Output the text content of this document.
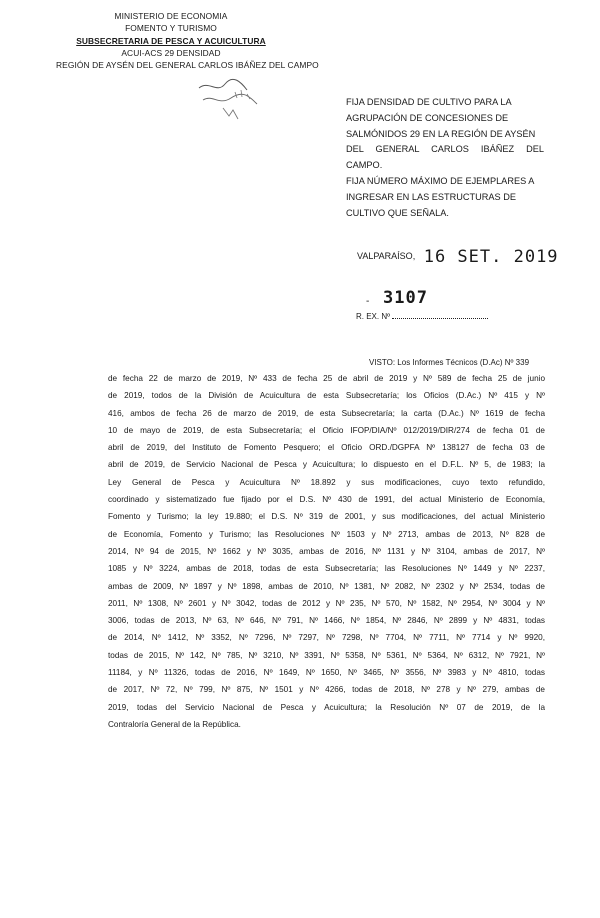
MINISTERIO DE ECONOMIA
FOMENTO Y TURISMO
SUBSECRETARIA DE PESCA Y ACUICULTURA
ACUI-ACS 29 DENSIDAD
REGIÓN DE AYSÉN DEL GENERAL CARLOS IBÁÑEZ DEL CAMPO
FIJA DENSIDAD DE CULTIVO PARA LA
AGRUPACIÓN DE CONCESIONES DE
SALMÓNIDOS 29 EN LA REGIÓN DE AYSÉN
DEL GENERAL CARLOS IBÁÑEZ DEL CAMPO.
FIJA NÚMERO MÁXIMO DE EJEMPLARES A
INGRESAR EN LAS ESTRUCTURAS DE
CULTIVO QUE SEÑALA.
VALPARAÍSO, 16 SET. 2019
- 3107
R. EX. Nº
VISTO: Los Informes Técnicos (D.Ac) Nº 339
de fecha 22 de marzo de 2019, Nº 433 de fecha 25 de abril de 2019 y Nº 589 de fecha 25 de junio
de 2019, todos de la División de Acuicultura de esta Subsecretaría; los Oficios (D.Ac.) Nº 415 y Nº
416, ambos de fecha 26 de marzo de 2019, de esta Subsecretaría; la carta (D.Ac.) Nº 1619 de fecha
10 de mayo de 2019, de esta Subsecretaría; el Oficio IFOP/DIA/Nº 012/2019/DIR/274 de fecha 01 de
abril de 2019, del Instituto de Fomento Pesquero; el Oficio ORD./DGPFA Nº 138127 de fecha 03 de
abril de 2019, de Servicio Nacional de Pesca y Acuicultura; lo dispuesto en el D.F.L. Nº 5, de 1983; la
Ley General de Pesca y Acuicultura Nº 18.892 y sus modificaciones, cuyo texto refundido,
coordinado y sistematizado fue fijado por el D.S. Nº 430 de 1991, del actual Ministerio de Economía,
Fomento y Turismo; la ley 19.880; el D.S. Nº 319 de 2001, y sus modificaciones, del actual Ministerio
de Economía, Fomento y Turismo; las Resoluciones Nº 1503 y Nº 2713, ambas de 2013, Nº 828 de
2014, Nº 94 de 2015, Nº 1662 y Nº 3035, ambas de 2016, Nº 1131 y Nº 3104, ambas de 2017, Nº
1085 y Nº 3224, ambas de 2018, todas de esta Subsecretaría; las Resoluciones Nº 1449 y Nº 2237,
ambas de 2009, Nº 1897 y Nº 1898, ambas de 2010, Nº 1381, Nº 2082, Nº 2302 y Nº 2534, todas de
2011, Nº 1308, Nº 2601 y Nº 3042, todas de 2012 y Nº 235, Nº 570, Nº 1582, Nº 2954, Nº 3004 y Nº
3006, todas de 2013, Nº 63, Nº 646, Nº 791, Nº 1466, Nº 1854, Nº 2846, Nº 2899 y Nº 4831, todas
de 2014, Nº 1412, Nº 3352, Nº 7296, Nº 7297, Nº 7298, Nº 7704, Nº 7711, Nº 7714 y Nº 9920,
todas de 2015, Nº 142, Nº 785, Nº 3210, Nº 3391, Nº 5358, Nº 5361, Nº 5364, Nº 6312, Nº 7921, Nº
11184, y Nº 11326, todas de 2016, Nº 1649, Nº 1650, Nº 3465, Nº 3556, Nº 3983 y Nº 4810, todas
de 2017, Nº 72, Nº 799, Nº 875, Nº 1501 y Nº 4266, todas de 2018, Nº 278 y Nº 279, ambas de
2019, todas del Servicio Nacional de Pesca y Acuicultura; la Resolución Nº 07 de 2019, de la
Contraloría General de la República.
